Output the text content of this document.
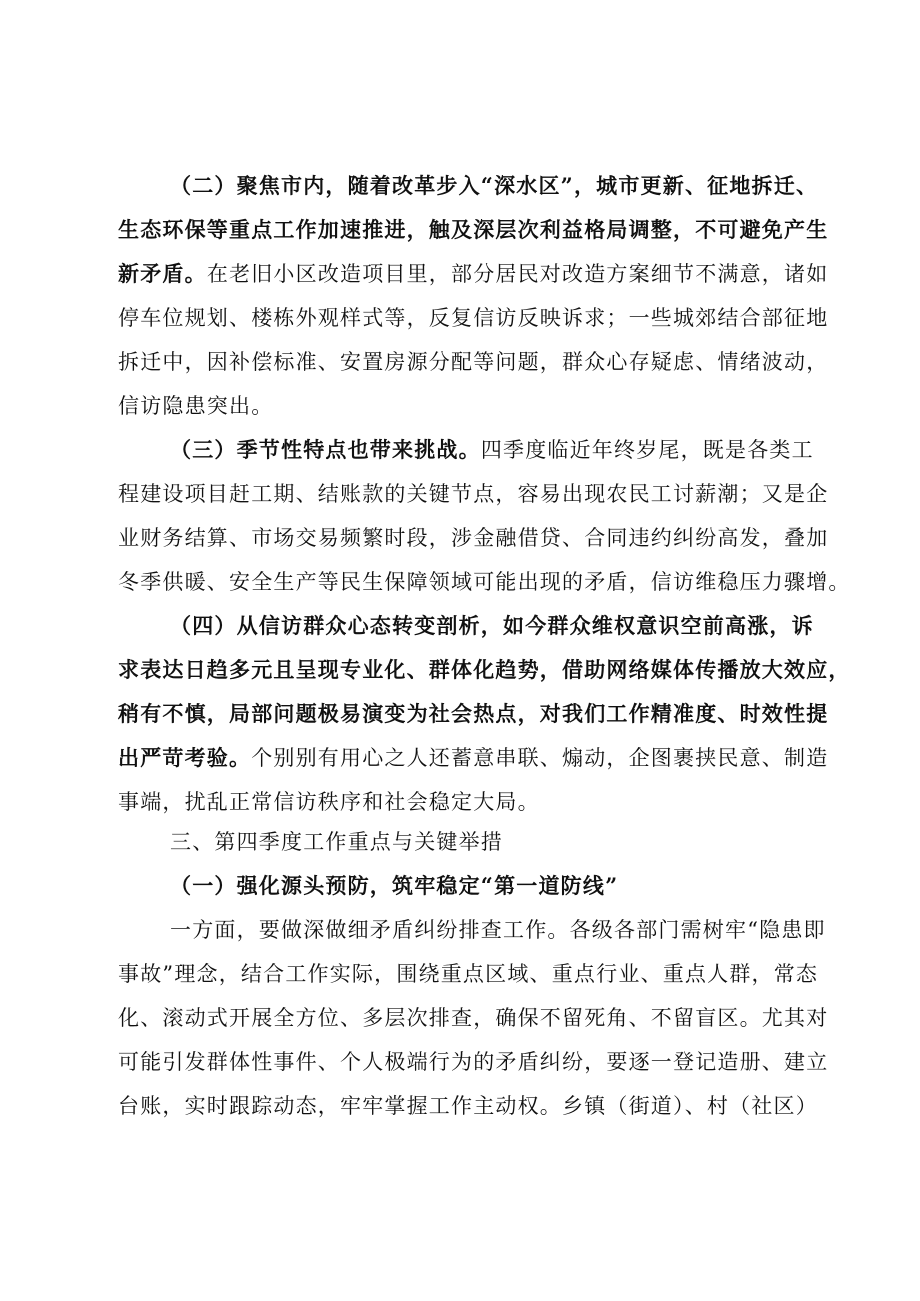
（二）聚焦市内，随着改革步入“深水区”，城市更新、征地拆迁、
生态环保等重点工作加速推进，触及深层次利益格局调整，不可避免产生
新矛盾。在老旧小区改造项目里，部分居民对改造方案细节不满意，诸如
停车位规划、楼栋外观样式等，反复信访反映诉求；一些城郊结合部征地
拆迁中，因补偿标准、安置房源分配等问题，群众心存疑虑、情绪波动，
信访隐患突出。
（三）季节性特点也带来挑战。四季度临近年终岁尾，既是各类工
程建设项目赶工期、结账款的关键节点，容易出现农民工讨薪潮；又是企
业财务结算、市场交易频繁时段，涉金融借贷、合同违约纠纷高发，叠加
冬季供暖、安全生产等民生保障领域可能出现的矛盾，信访维稳压力骤增。
（四）从信访群众心态转变剖析，如今群众维权意识空前高涨，诉
求表达日趋多元且呈现专业化、群体化趋势，借助网络媒体传播放大效应，
稍有不慎，局部问题极易演变为社会热点，对我们工作精准度、时效性提
出严苛考验。个别别有用心之人还蓄意串联、煽动，企图裹挟民意、制造
事端，扰乱正常信访秩序和社会稳定大局。
三、第四季度工作重点与关键举措
（一）强化源头预防，筑牢稳定“第一道防线”
一方面，要做深做细矛盾纠纷排查工作。各级各部门需树牢“隐患即
事故”理念，结合工作实际，围绕重点区域、重点行业、重点人群，常态
化、滚动式开展全方位、多层次排查，确保不留死角、不留盲区。尤其对
可能引发群体性事件、个人极端行为的矛盾纠纷，要逐一登记造册、建立
台账，实时跟踪动态，牢牢掌握工作主动权。乡镇（街道）、村（社区）
